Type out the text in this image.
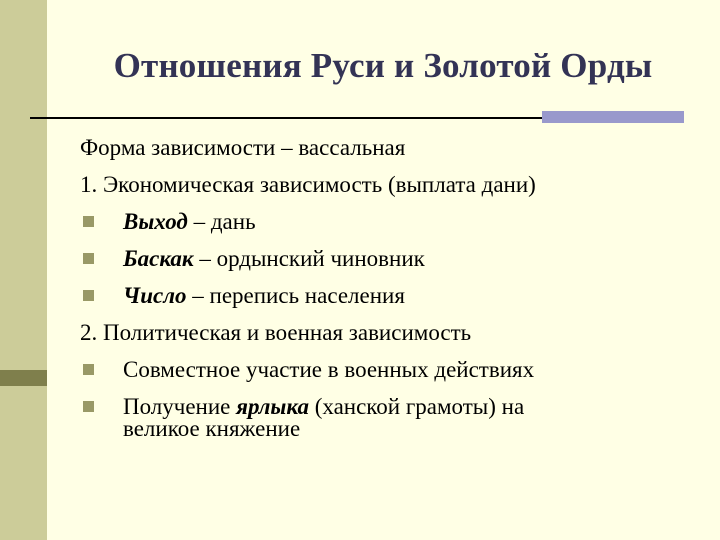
Отношения Руси и Золотой Орды
Форма зависимости – вассальная
1. Экономическая зависимость (выплата дани)
Выход – дань
Баскак – ордынский чиновник
Число – перепись населения
2. Политическая и военная зависимость
Совместное участие в военных действиях
Получение ярлыка (ханской грамоты) на
великое княжение
